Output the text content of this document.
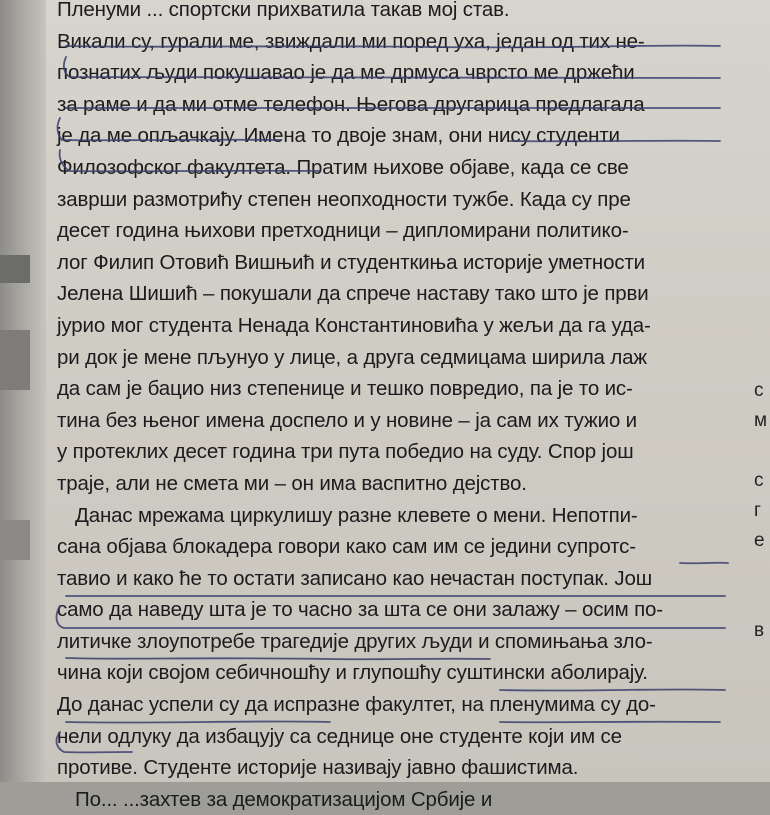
Пленуми ... спортски прихватила такав мој став.
Викали су, гурали ме, звиждали ми поред уха, један од тих не-
познатих људи покушавао је да ме дрмуса чврсто ме држећи
за раме и да ми отме телефон. Његова другарица предлагала
је да ме опљачкају. Имена то двоје знам, они нису студенти
Филозофског факултета. Пратим њихове објаве, када се све
заврши размотрићу степен неопходности тужбе. Када су пре
десет година њихови претходници – дипломирани политико-
лог Филип Отовић Вишњић и студенткиња историје уметности
Јелена Шишић – покушали да спрече наставу тако што је први
јурио мог студента Ненада Константиновића у жељи да га уда-
ри док је мене пљунуо у лице, а друга седмицама ширила лаж
да сам је бацио низ степенице и тешко повредио, па је то ис-
тина без њеног имена доспело и у новине – ја сам их тужио и
у протеклих десет година три пута победио на суду. Спор још
траје, али не смета ми – он има васпитно дејство.
Данас мрежама циркулишу разне клевете о мени. Непотпи-
сана објава блокадера говори како сам им се једини супротс-
тавио и како ће то остати записано као нечастан поступак. Још
само да наведу шта је то часно за шта се они залажу – осим по-
литичке злоупотребе трагедије других људи и спомињања зло-
чина који својом себичношћу и глупошћу суштински аболирају.
До данас успели су да испразне факултет, на пленумима су до-
нели одлуку да избацују са седнице оне студенте који им се
противе. Студенте историје називају јавно фашистима.
По... ...захтев за демократизацијом Србије и
с
м
с
г
е
в
